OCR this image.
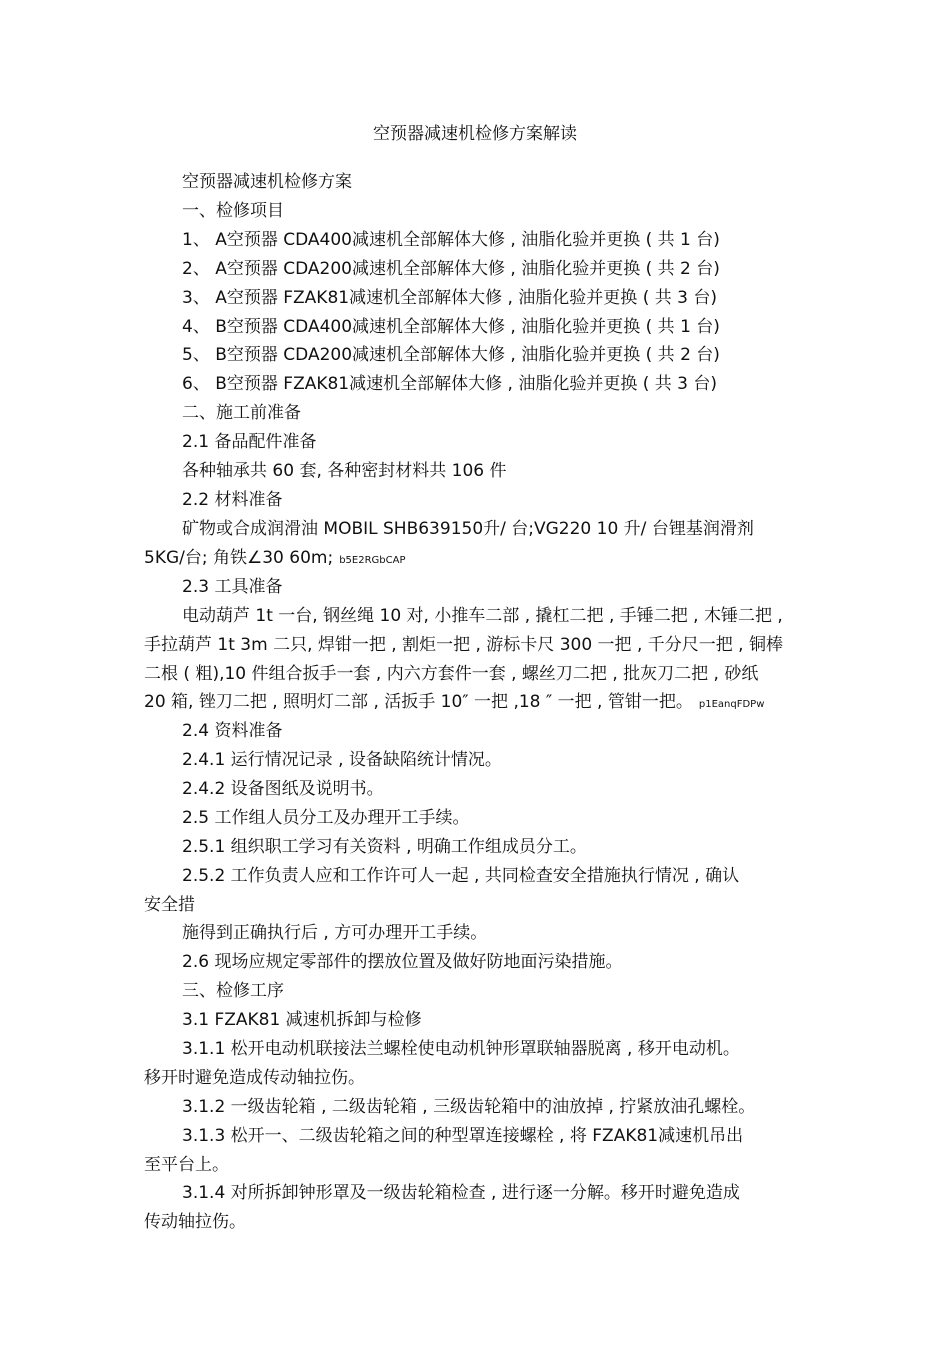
空预器减速机检修方案解读
空预器减速机检修方案
一、检修项目
1、 A空预器 CDA400减速机全部解体大修 , 油脂化验并更换 ( 共 1 台)
2、 A空预器 CDA200减速机全部解体大修 , 油脂化验并更换 ( 共 2 台)
3、 A空预器 FZAK81减速机全部解体大修 , 油脂化验并更换 ( 共 3 台)
4、 B空预器 CDA400减速机全部解体大修 , 油脂化验并更换 ( 共 1 台)
5、 B空预器 CDA200减速机全部解体大修 , 油脂化验并更换 ( 共 2 台)
6、 B空预器 FZAK81减速机全部解体大修 , 油脂化验并更换 ( 共 3 台)
二、施工前准备
2.1 备品配件准备
各种轴承共 60 套, 各种密封材料共 106 件
2.2 材料准备
矿物或合成润滑油 MOBIL SHB639150升/ 台;VG220 10 升/ 台锂基润滑剂
5KG/台; 角铁∠30 60m; b5E2RGbCAP
2.3 工具准备
电动葫芦 1t 一台, 钢丝绳 10 对, 小推车二部 , 撬杠二把 , 手锤二把 , 木锤二把 ,
手拉葫芦 1t 3m 二只, 焊钳一把 , 割炬一把 , 游标卡尺 300 一把 , 千分尺一把 , 铜棒
二根 ( 粗),10 件组合扳手一套 , 内六方套件一套 , 螺丝刀二把 , 批灰刀二把 , 砂纸
20 箱, 锉刀二把 , 照明灯二部 , 活扳手 10″ 一把 ,18 ″ 一把 , 管钳一把。 p1EanqFDPw
2.4 资料准备
2.4.1 运行情况记录 , 设备缺陷统计情况。
2.4.2 设备图纸及说明书。
2.5 工作组人员分工及办理开工手续。
2.5.1 组织职工学习有关资料 , 明确工作组成员分工。
2.5.2 工作负责人应和工作许可人一起 , 共同检查安全措施执行情况 , 确认
安全措
施得到正确执行后 , 方可办理开工手续。
2.6 现场应规定零部件的摆放位置及做好防地面污染措施。
三、检修工序
3.1 FZAK81 减速机拆卸与检修
3.1.1 松开电动机联接法兰螺栓使电动机钟形罩联轴器脱离 , 移开电动机。
移开时避免造成传动轴拉伤。
3.1.2 一级齿轮箱 , 二级齿轮箱 , 三级齿轮箱中的油放掉 , 拧紧放油孔螺栓。
3.1.3 松开一、二级齿轮箱之间的种型罩连接螺栓 , 将 FZAK81减速机吊出
至平台上。
3.1.4 对所拆卸钟形罩及一级齿轮箱检查 , 进行逐一分解。移开时避免造成
传动轴拉伤。
